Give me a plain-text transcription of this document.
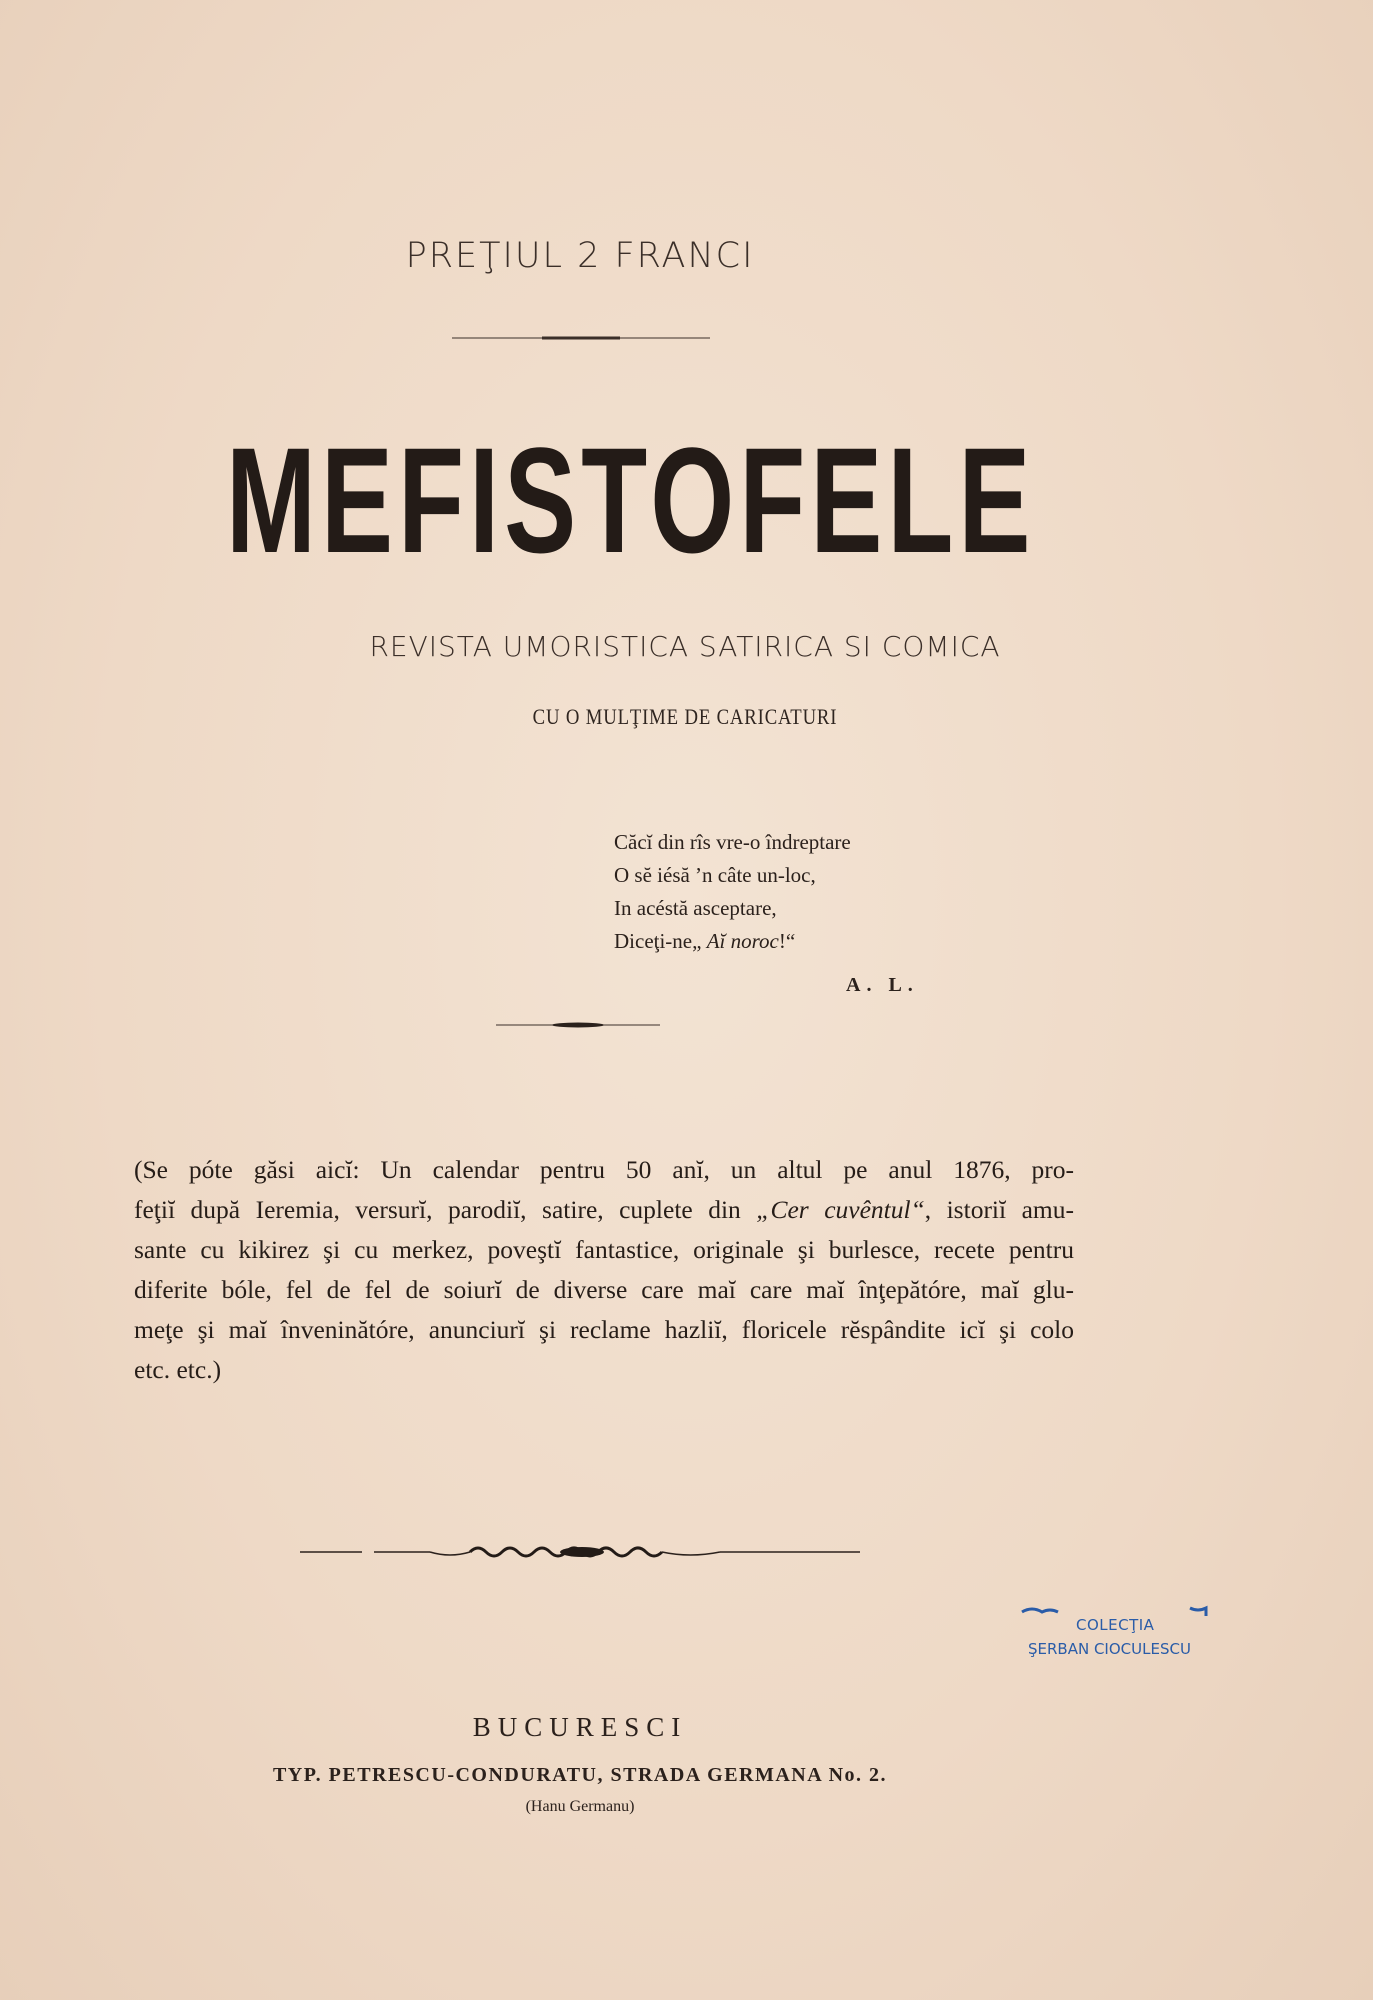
PREŢIUL 2 FRANCI
MEFISTOFELE
REVISTA UMORISTICA SATIRICA SI COMICA
CU O MULŢIME DE CARICATURI
Căcĭ din rîs vre-o îndreptare
O sĕ iésă ’n câte un-loc,
In acéstă asceptare,
Diceţi-ne„ Aĭ noroc!“
A. L.
(Se póte găsi aicĭ: Un calendar pentru 50 anĭ, un altul pe anul 1876, pro-
feţiĭ după Ieremia, versurĭ, parodiĭ, satire, cuplete din „Cer cuvêntul“, istoriĭ amu-
sante cu kikirez şi cu merkez, poveştĭ fantastice, originale şi burlesce, recete pentru
diferite bóle, fel de fel de soiurĭ de diverse care maĭ care maĭ înţepătóre, maĭ glu-
meţe şi maĭ înveninătóre, anunciurĭ şi reclame hazliĭ, floricele rĕspândite icĭ şi colo
etc. etc.)
COLECŢIA
ŞERBAN CIOCULESCU
BUCURESCI
TYP. PETRESCU-CONDURATU, STRADA GERMANA No. 2.
(Hanu Germanu)
